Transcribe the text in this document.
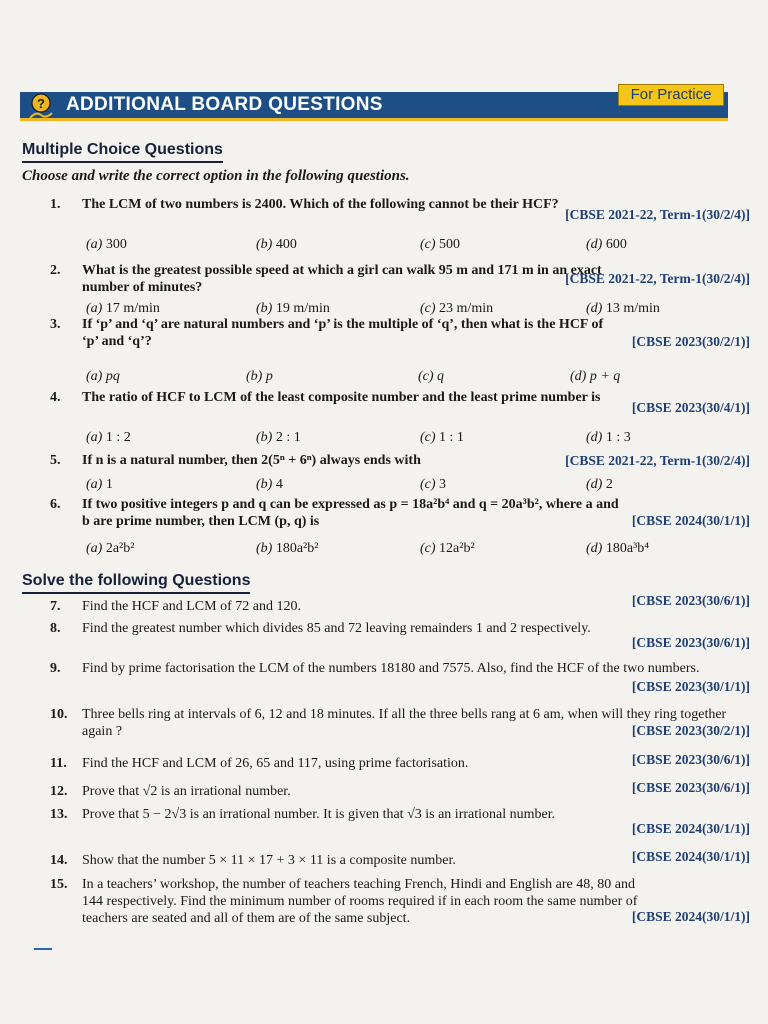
? ADDITIONAL BOARD QUESTIONS	For Practice
Multiple Choice Questions
Choose and write the correct option in the following questions.
1.	The LCM of two numbers is 2400. Which of the following cannot be their HCF?
[CBSE 2021-22, Term-1(30/2/4)]
(a) 300	(b) 400	(c) 500	(d) 600
2.	What is the greatest possible speed at which a girl can walk 95 m and 171 m in an exact number of minutes?
[CBSE 2021-22, Term-1(30/2/4)]
(a) 17 m/min	(b) 19 m/min	(c) 23 m/min	(d) 13 m/min
3.	If ‘p’ and ‘q’ are natural numbers and ‘p’ is the multiple of ‘q’, then what is the HCF of ‘p’ and ‘q’?	[CBSE 2023(30/2/1)]
(a) pq	(b) p	(c) q	(d) p + q
4.	The ratio of HCF to LCM of the least composite number and the least prime number is
[CBSE 2023(30/4/1)]
(a) 1 : 2	(b) 2 : 1	(c) 1 : 1	(d) 1 : 3
5.	If n is a natural number, then 2(5ⁿ + 6ⁿ) always ends with	[CBSE 2021-22, Term-1(30/2/4)]
(a) 1	(b) 4	(c) 3	(d) 2
6.	If two positive integers p and q can be expressed as p = 18a²b⁴ and q = 20a³b², where a and b are prime number, then LCM (p, q) is	[CBSE 2024(30/1/1)]
(a) 2a²b²	(b) 180a²b²	(c) 12a²b²	(d) 180a³b⁴
Solve the following Questions
7.	Find the HCF and LCM of 72 and 120.	[CBSE 2023(30/6/1)]
8.	Find the greatest number which divides 85 and 72 leaving remainders 1 and 2 respectively.
[CBSE 2023(30/6/1)]
9.	Find by prime factorisation the LCM of the numbers 18180 and 7575. Also, find the HCF of the two numbers.
[CBSE 2023(30/1/1)]
10.	Three bells ring at intervals of 6, 12 and 18 minutes. If all the three bells rang at 6 am, when will they ring together again ?	[CBSE 2023(30/2/1)]
11.	Find the HCF and LCM of 26, 65 and 117, using prime factorisation.	[CBSE 2023(30/6/1)]
12.	Prove that √2 is an irrational number.	[CBSE 2023(30/6/1)]
13.	Prove that 5 − 2√3 is an irrational number. It is given that √3 is an irrational number.
[CBSE 2024(30/1/1)]
14.	Show that the number 5 × 11 × 17 + 3 × 11 is a composite number.	[CBSE 2024(30/1/1)]
15.	In a teachers’ workshop, the number of teachers teaching French, Hindi and English are 48, 80 and 144 respectively. Find the minimum number of rooms required if in each room the same number of teachers are seated and all of them are of the same subject.	[CBSE 2024(30/1/1)]
